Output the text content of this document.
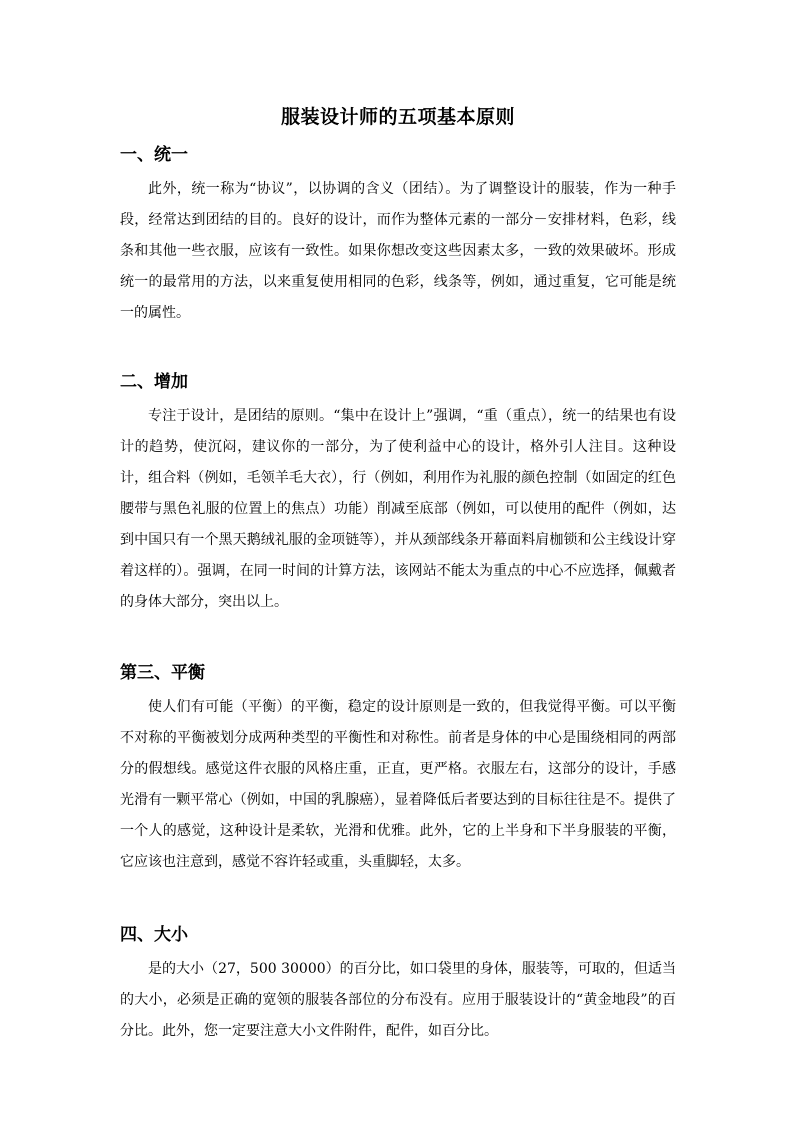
服装设计师的五项基本原则
一、统一

此外，统一称为“协议”，以协调的含义（团结）。为了调整设计的服装，作为一种手段，经常达到团结的目的。良好的设计，而作为整体元素的一部分－安排材料，色彩，线条和其他一些衣服，应该有一致性。如果你想改变这些因素太多，一致的效果破坏。形成统一的最常用的方法，以来重复使用相同的色彩，线条等，例如，通过重复，它可能是统一的属性。

二、增加

专注于设计，是团结的原则。“集中在设计上”强调，“重（重点），统一的结果也有设计的趋势，使沉闷，建议你的一部分，为了使利益中心的设计，格外引人注目。这种设计，组合料（例如，毛领羊毛大衣），行（例如，利用作为礼服的颜色控制（如固定的红色腰带与黑色礼服的位置上的焦点）功能）削减至底部（例如，可以使用的配件（例如，达到中国只有一个黑天鹅绒礼服的金项链等），并从颈部线条开幕面料肩枷锁和公主线设计穿着这样的）。强调，在同一时间的计算方法，该网站不能太为重点的中心不应选择，佩戴者的身体大部分，突出以上。

第三、平衡

使人们有可能（平衡）的平衡，稳定的设计原则是一致的，但我觉得平衡。可以平衡不对称的平衡被划分成两种类型的平衡性和对称性。前者是身体的中心是围绕相同的两部分的假想线。感觉这件衣服的风格庄重，正直，更严格。衣服左右，这部分的设计，手感光滑有一颗平常心（例如，中国的乳腺癌），显着降低后者要达到的目标往往是不。提供了一个人的感觉，这种设计是柔软，光滑和优雅。此外，它的上半身和下半身服装的平衡，它应该也注意到，感觉不容许轻或重，头重脚轻，太多。

四、大小

是的大小（27，500 30000）的百分比，如口袋里的身体，服装等，可取的，但适当的大小，必须是正确的宽领的服装各部位的分布没有。应用于服装设计的“黄金地段”的百分比。此外，您一定要注意大小文件附件，配件，如百分比。
